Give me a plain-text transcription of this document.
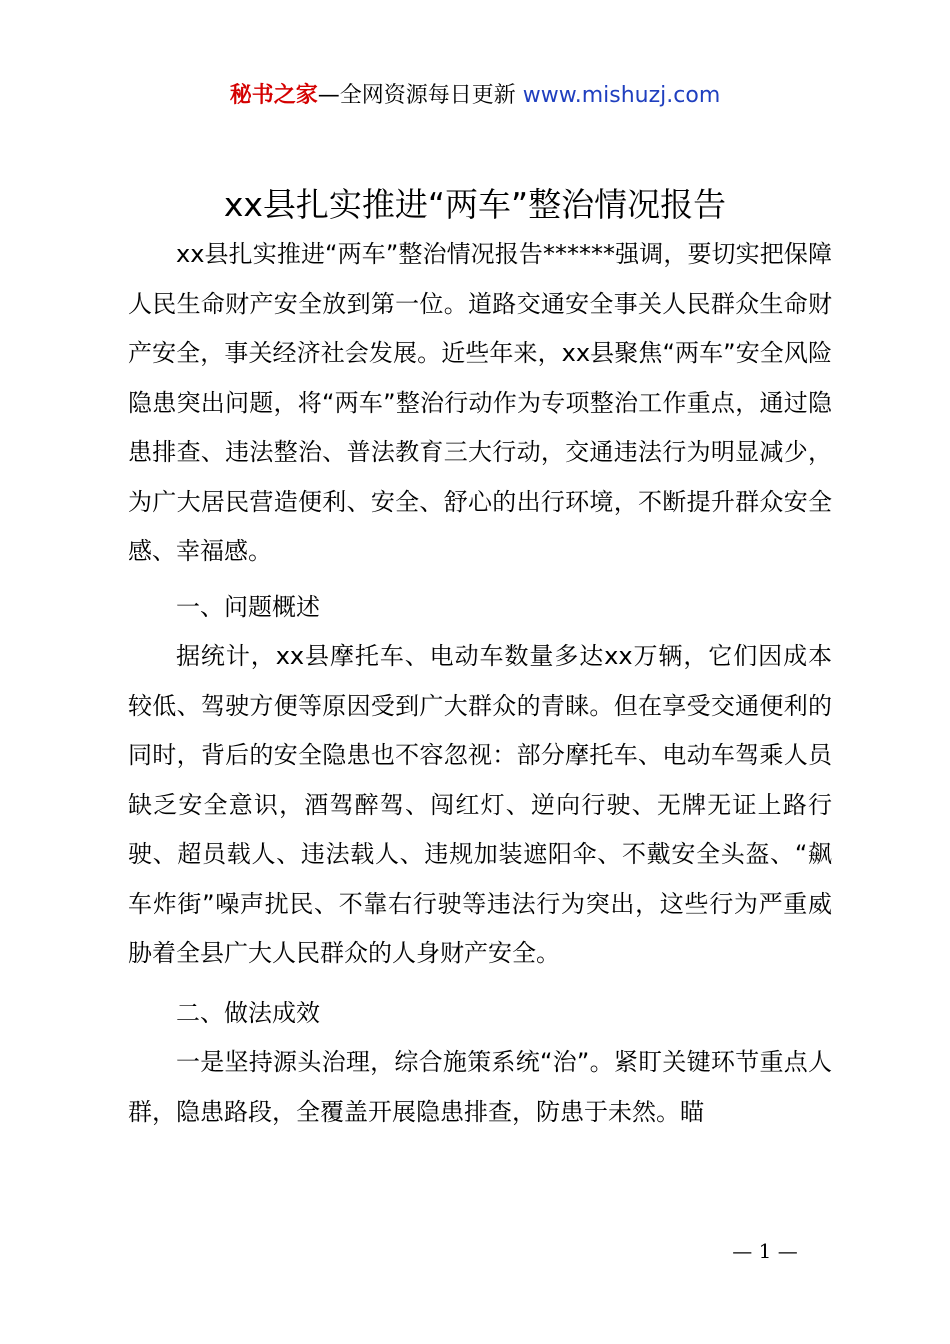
秘书之家—全网资源每日更新 www.mishuzj.com
xx县扎实推进“两车”整治情况报告

xx县扎实推进“两车”整治情况报告******强调，要切实把保障人民生命财产安全放到第一位。道路交通安全事关人民群众生命财产安全，事关经济社会发展。近些年来，xx县聚焦“两车”安全风险隐患突出问题，将“两车”整治行动作为专项整治工作重点，通过隐患排查、违法整治、普法教育三大行动，交通违法行为明显减少，为广大居民营造便利、安全、舒心的出行环境，不断提升群众安全感、幸福感。

一、问题概述

据统计，xx县摩托车、电动车数量多达xx万辆，它们因成本较低、驾驶方便等原因受到广大群众的青睐。但在享受交通便利的同时，背后的安全隐患也不容忽视：部分摩托车、电动车驾乘人员缺乏安全意识，酒驾醉驾、闯红灯、逆向行驶、无牌无证上路行驶、超员载人、违法载人、违规加装遮阳伞、不戴安全头盔、“飙车炸街”噪声扰民、不靠右行驶等违法行为突出，这些行为严重威胁着全县广大人民群众的人身财产安全。

二、做法成效

一是坚持源头治理，综合施策系统“治”。紧盯关键环节重点人群，隐患路段，全覆盖开展隐患排查，防患于未然。瞄

— 1 —
